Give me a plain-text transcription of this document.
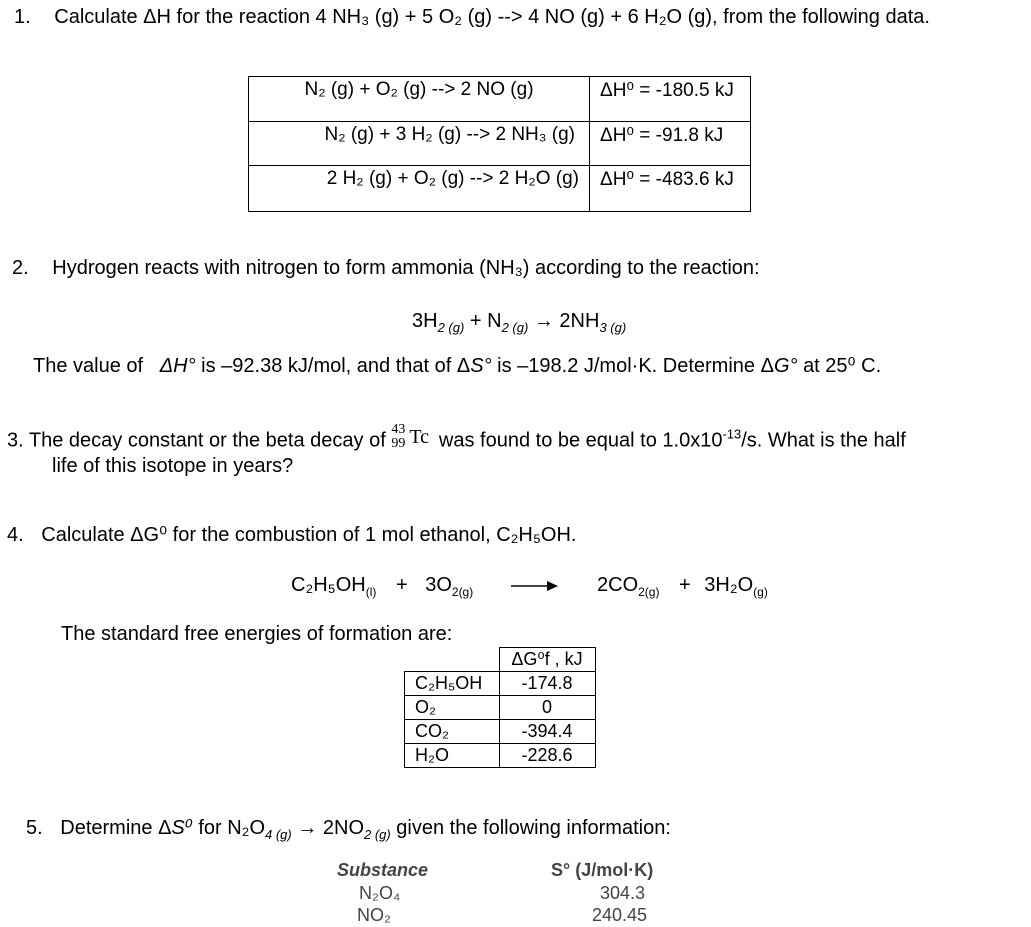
1. Calculate ΔH for the reaction 4 NH₃ (g) + 5 O₂ (g) --> 4 NO (g) + 6 H₂O (g), from the following data.
N₂ (g) + O₂ (g) --> 2 NO (g)	ΔH⁰ = -180.5 kJ
N₂ (g) + 3 H₂ (g) --> 2 NH₃ (g)	ΔH⁰ = -91.8 kJ
2 H₂ (g) + O₂ (g) --> 2 H₂O (g)	ΔH⁰ = -483.6 kJ
2. Hydrogen reacts with nitrogen to form ammonia (NH₃) according to the reaction:
$3H_{2 (g)} + N_{2 (g)} \to 2NH_{3 (g)}$
The value of ΔH° is –92.38 kJ/mol, and that of ΔS° is –198.2 J/mol·K. Determine ΔG° at 25⁰ C.
3. The decay constant or the beta decay of 43
99 Tc was found to be equal to $1.0x10^{-13}/s$. What is the half
life of this isotope in years?
4. Calculate ΔG⁰ for the combustion of 1 mol ethanol, C₂H₅OH.
$C_2H_5OH_{(l)} + 3O_{2(g)}$	$2CO_{2(g)} + 3H_2O_{(g)}$
The standard free energies of formation are:
	ΔG⁰f , kJ
C₂H₅OH	-174.8
O₂	0
CO₂	-394.4
H₂O	-228.6
5. Determine ΔS⁰ for $N_2O_{4 (g)} \to 2NO_{2 (g)}$ given the following information:
Substance	S° (J/mol·K)
N₂O₄	304.3
NO₂	240.45
